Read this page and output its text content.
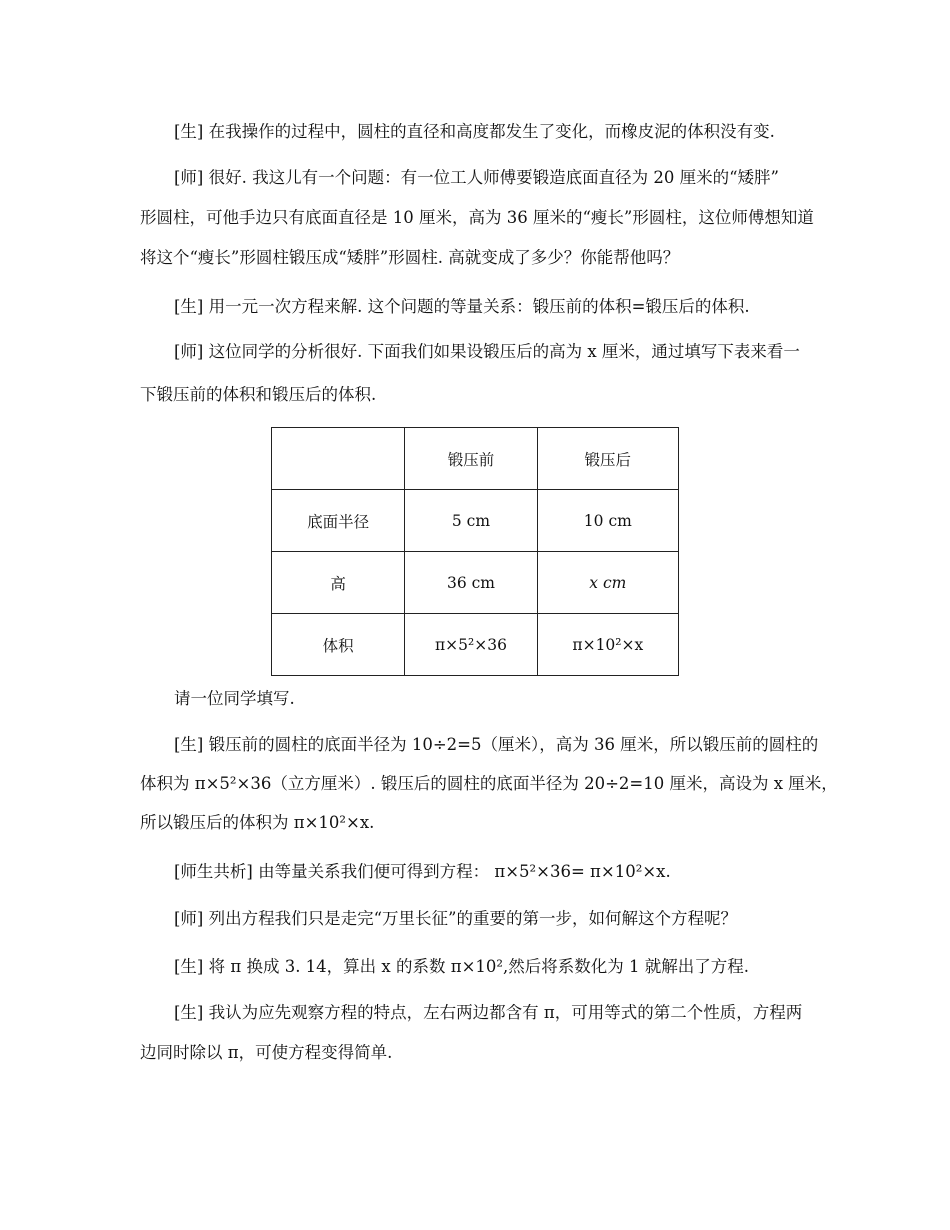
[生] 在我操作的过程中，圆柱的直径和高度都发生了变化，而橡皮泥的体积没有变.

[师] 很好. 我这儿有一个问题：有一位工人师傅要锻造底面直径为 20 厘米的“矮胖”
形圆柱，可他手边只有底面直径是 10 厘米，高为 36 厘米的“瘦长”形圆柱，这位师傅想知道
将这个“瘦长”形圆柱锻压成“矮胖”形圆柱. 高就变成了多少？你能帮他吗？

[生] 用一元一次方程来解. 这个问题的等量关系：锻压前的体积=锻压后的体积.

[师] 这位同学的分析很好. 下面我们如果设锻压后的高为 x 厘米，通过填写下表来看一
下锻压前的体积和锻压后的体积.

	锻压前	锻压后
底面半径	5 cm	10 cm
高	36 cm	x cm
体积	π×5²×36	π×10²×x

请一位同学填写.

[生] 锻压前的圆柱的底面半径为 10÷2=5（厘米），高为 36 厘米，所以锻压前的圆柱的
体积为 π×5²×36（立方厘米）. 锻压后的圆柱的底面半径为 20÷2=10 厘米，高设为 x 厘米，
所以锻压后的体积为 π×10²×x.

[师生共析] 由等量关系我们便可得到方程： π×5²×36= π×10²×x.

[师] 列出方程我们只是走完“万里长征”的重要的第一步，如何解这个方程呢？

[生] 将 π 换成 3. 14，算出 x 的系数 π×10²,然后将系数化为 1 就解出了方程.

[生] 我认为应先观察方程的特点，左右两边都含有 π，可用等式的第二个性质，方程两
边同时除以 π，可使方程变得简单.
